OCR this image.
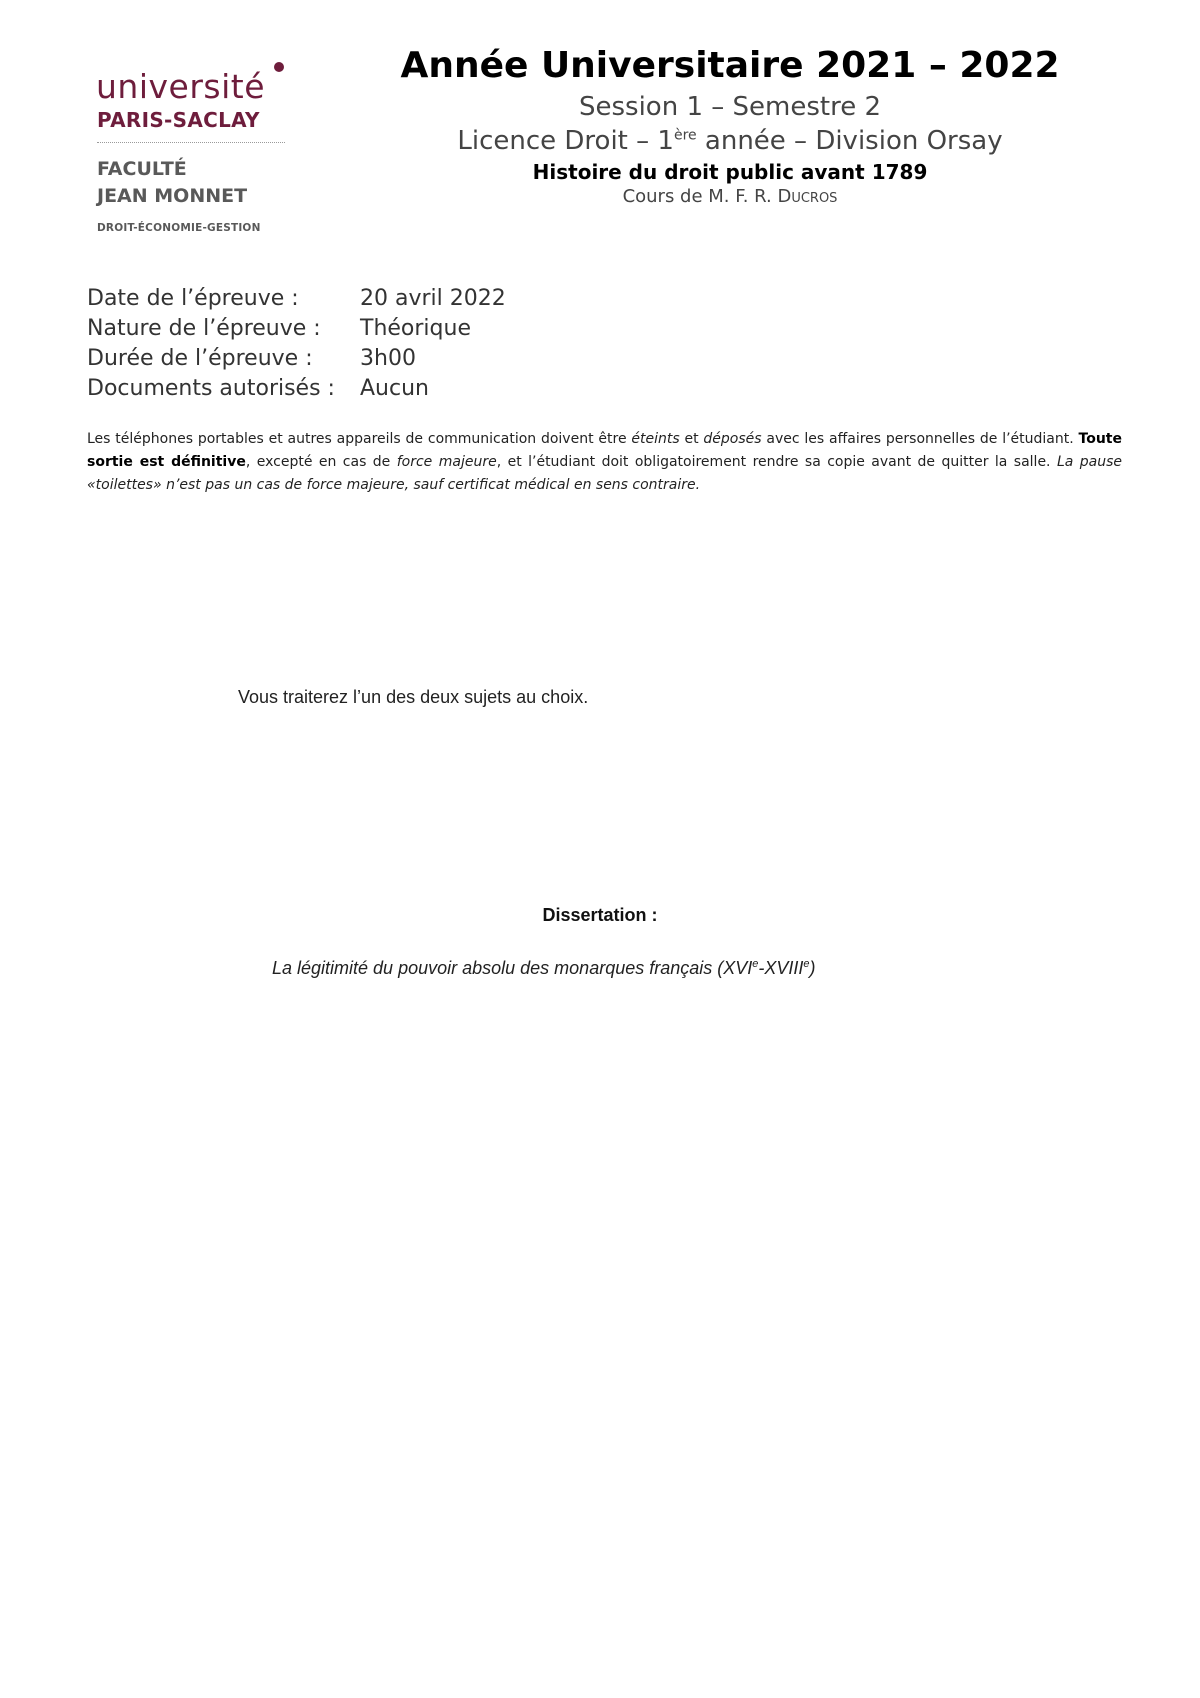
université
PARIS-SACLAY
FACULTÉ
JEAN MONNET
DROIT-ÉCONOMIE-GESTION
Année Universitaire 2021 – 2022
Session 1 – Semestre 2
Licence Droit – 1ère année – Division Orsay
Histoire du droit public avant 1789
Cours de M. F. R. Ducros
Date de l’épreuve :	20 avril 2022
Nature de l’épreuve : Théorique
Durée de l’épreuve : 3h00
Documents autorisés : Aucun
Les téléphones portables et autres appareils de communication doivent être éteints et déposés avec les affaires personnelles de l’étudiant. Toute sortie est définitive, excepté en cas de force majeure, et l’étudiant doit obligatoirement rendre sa copie avant de quitter la salle. La pause «toilettes» n’est pas un cas de force majeure, sauf certificat médical en sens contraire.
Vous traiterez l’un des deux sujets au choix.
Dissertation :
La légitimité du pouvoir absolu des monarques français (XVIe-XVIIIe)
